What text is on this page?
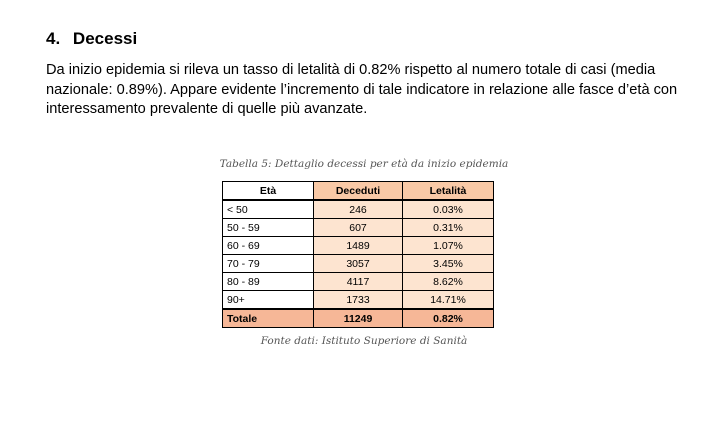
4. Decessi
Da inizio epidemia si rileva un tasso di letalità di 0.82% rispetto al numero totale di casi (media nazionale: 0.89%). Appare evidente l’incremento di tale indicatore in relazione alle fasce d’età con interessamento prevalente di quelle più avanzate.
Tabella 5: Dettaglio decessi per età da inizio epidemia
Età	Deceduti	Letalità
< 50	246	0.03%
50 - 59	607	0.31%
60 - 69	1489	1.07%
70 - 79	3057	3.45%
80 - 89	4117	8.62%
90+	1733	14.71%
Totale	11249	0.82%
Fonte dati: Istituto Superiore di Sanità
